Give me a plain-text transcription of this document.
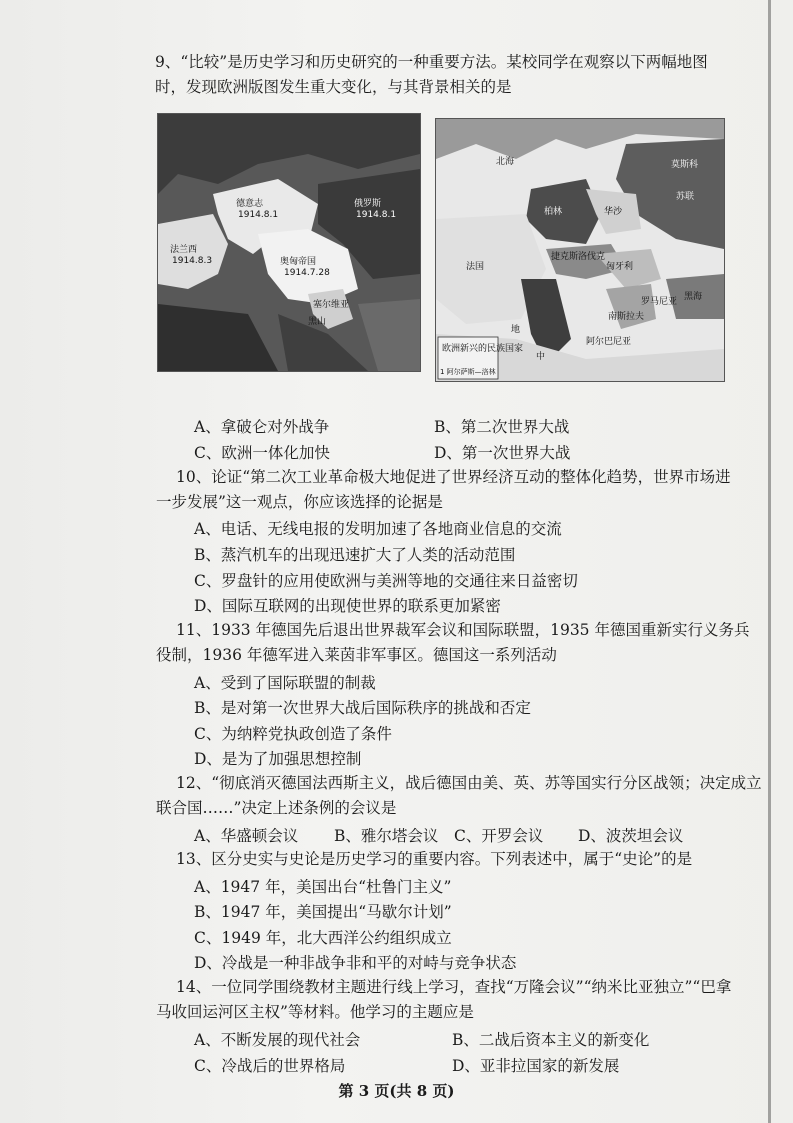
9、“比较”是历史学习和历史研究的一种重要方法。某校同学在观察以下两幅地图
时，发现欧洲版图发生重大变化，与其背景相关的是
德意志
1914.8.1
俄罗斯
1914.8.1
法兰西
1914.8.3	奥匈帝国
1914.7.28
塞尔维亚
黑山
北海	莫斯科
柏林	华沙
苏联
法国
捷克斯洛伐克
匈牙利
罗马尼亚
南斯拉夫
阿尔巴尼亚
黑海
地
中
欧洲新兴的民族国家
1 阿尔萨斯—洛林
A、拿破仑对外战争	B、第二次世界大战
C、欧洲一体化加快	D、第一次世界大战
10、论证“第二次工业革命极大地促进了世界经济互动的整体化趋势，世界市场进
一步发展”这一观点，你应该选择的论据是
A、电话、无线电报的发明加速了各地商业信息的交流
B、蒸汽机车的出现迅速扩大了人类的活动范围
C、罗盘针的应用使欧洲与美洲等地的交通往来日益密切
D、国际互联网的出现使世界的联系更加紧密
11、1933 年德国先后退出世界裁军会议和国际联盟，1935 年德国重新实行义务兵
役制，1936 年德军进入莱茵非军事区。德国这一系列活动
A、受到了国际联盟的制裁
B、是对第一次世界大战后国际秩序的挑战和否定
C、为纳粹党执政创造了条件
D、是为了加强思想控制
12、“彻底消灭德国法西斯主义，战后德国由美、英、苏等国实行分区战领；决定成立
联合国……”决定上述条例的会议是
A、华盛顿会议 B、雅尔塔会议 C、开罗会议 D、波茨坦会议
13、区分史实与史论是历史学习的重要内容。下列表述中，属于“史论”的是
A、1947 年，美国出台“杜鲁门主义”
B、1947 年，美国提出“马歇尔计划”
C、1949 年，北大西洋公约组织成立
D、冷战是一种非战争非和平的对峙与竞争状态
14、一位同学围绕教材主题进行线上学习，查找“万隆会议”“纳米比亚独立”“巴拿
马收回运河区主权”等材料。他学习的主题应是
A、不断发展的现代社会	B、二战后资本主义的新变化
C、冷战后的世界格局	D、亚非拉国家的新发展
第 3 页(共 8 页)
